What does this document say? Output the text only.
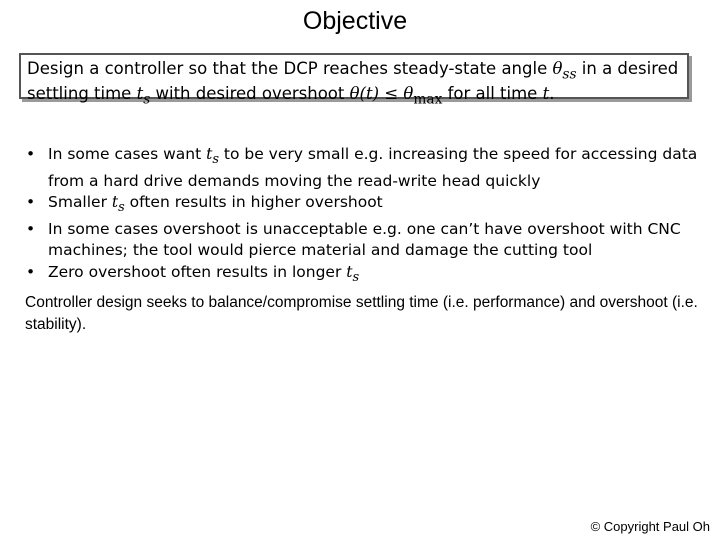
Objective
Design a controller so that the DCP reaches steady-state angle $\theta_{ss}$ in a desired
settling time $t_s$ with desired overshoot $\theta(t) \le \theta_{max}$ for all time t.
• In some cases want $t_s$ to be very small e.g. increasing the speed for accessing data from a hard drive demands moving the read-write head quickly
• Smaller $t_s$ often results in higher overshoot
• In some cases overshoot is unacceptable e.g. one can’t have overshoot with CNC machines; the tool would pierce material and damage the cutting tool
• Zero overshoot often results in longer $t_s$
Controller design seeks to balance/compromise settling time (i.e. performance) and overshoot (i.e. stability).
© Copyright Paul Oh
